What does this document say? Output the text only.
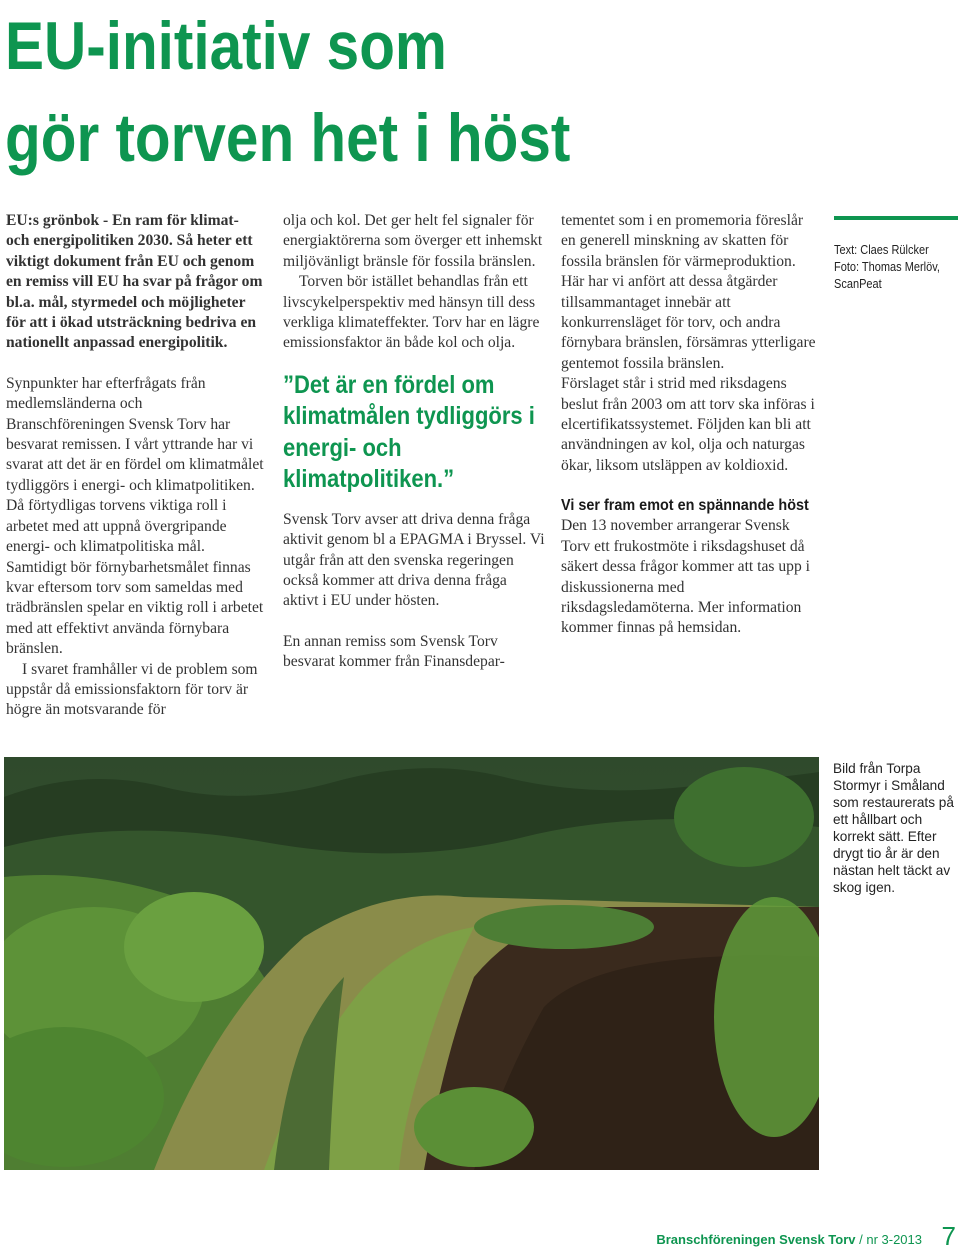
EU-initiativ som
gör torven het i höst

EU:s grönbok - En ram för klimat- och energipolitiken 2030. Så heter ett viktigt dokument från EU och genom en remiss vill EU ha svar på frågor om bl.a. mål, styrmedel och möjligheter för att i ökad utsträckning bedriva en nationellt anpassad energipolitik.

Synpunkter har efterfrågats från medlemsländerna och Branschföreningen Svensk Torv har besvarat remissen. I vårt yttrande har vi svarat att det är en fördel om klimatmålet tydliggörs i energi- och klimatpolitiken. Då förtydligas torvens viktiga roll i arbetet med att uppnå övergripande energi- och klimatpolitiska mål. Samtidigt bör förnybarhetsmålet finnas kvar eftersom torv som sameldas med trädbränslen spelar en viktig roll i arbetet med att effektivt använda förnybara bränslen.

I svaret framhåller vi de problem som uppstår då emissionsfaktorn för torv är högre än motsvarande för

olja och kol. Det ger helt fel signaler för energiaktörerna som överger ett inhemskt miljövänligt bränsle för fossila bränslen.

Torven bör istället behandlas från ett livscykelperspektiv med hänsyn till dess verkliga klimateffekter. Torv har en lägre emissionsfaktor än både kol och olja.

”Det är en fördel om klimatmålen tydliggörs i energi- och klimatpolitiken.”

Svensk Torv avser att driva denna fråga aktivit genom bl a EPAGMA i Bryssel. Vi utgår från att den svenska regeringen också kommer att driva denna fråga aktivt i EU under hösten.

En annan remiss som Svensk Torv besvarat kommer från Finansdepar-

tementet som i en promemoria föreslår en generell minskning av skatten för fossila bränslen för värmeproduktion. Här har vi anfört att dessa åtgärder tillsammantaget innebär att konkurrensläget för torv, och andra förnybara bränslen, försämras ytterligare gentemot fossila bränslen.

Förslaget står i strid med riksdagens beslut från 2003 om att torv ska införas i elcertifikatssystemet. Följden kan bli att användningen av kol, olja och naturgas ökar, liksom utsläppen av koldioxid.

Vi ser fram emot en spännande höst

Den 13 november arrangerar Svensk Torv ett frukostmöte i riksdagshuset då säkert dessa frågor kommer att tas upp i diskussionerna med riksdagsledamöterna. Mer information kommer finnas på hemsidan.

Text: Claes Rülcker
Foto: Thomas Merlöv,
ScanPeat
Bild från Torpa Stormyr i Småland som restaurerats på ett hållbart och korrekt sätt. Efter drygt tio år är den nästan helt täckt av skog igen.
Branschföreningen Svensk Torv / nr 3-2013 7
